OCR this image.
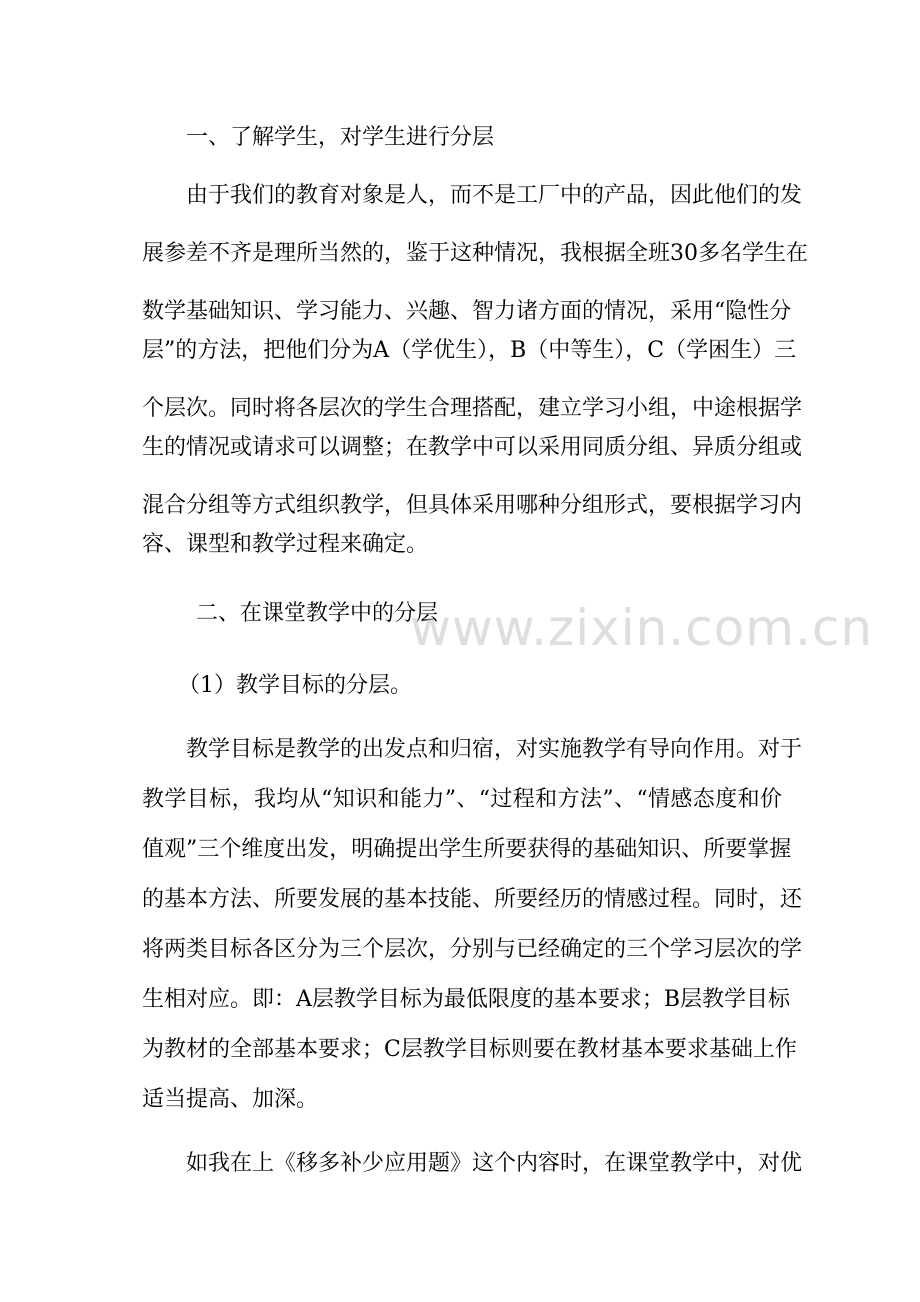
一、了解学生，对学生进行分层
由于我们的教育对象是人，而不是工厂中的产品，因此他们的发
展参差不齐是理所当然的，鉴于这种情况，我根据全班30多名学生在
数学基础知识、学习能力、兴趣、智力诸方面的情况，采用“隐性分
层”的方法，把他们分为A（学优生），B（中等生），C（学困生）三
个层次。同时将各层次的学生合理搭配，建立学习小组，中途根据学
生的情况或请求可以调整；在教学中可以采用同质分组、异质分组或
混合分组等方式组织教学，但具体采用哪种分组形式，要根据学习内
容、课型和教学过程来确定。
二、在课堂教学中的分层
（1）教学目标的分层。
教学目标是教学的出发点和归宿，对实施教学有导向作用。对于
教学目标，我均从“知识和能力”、“过程和方法”、“情感态度和价
值观”三个维度出发，明确提出学生所要获得的基础知识、所要掌握
的基本方法、所要发展的基本技能、所要经历的情感过程。同时，还
将两类目标各区分为三个层次，分别与已经确定的三个学习层次的学
生相对应。即：A层教学目标为最低限度的基本要求；B层教学目标
为教材的全部基本要求；C层教学目标则要在教材基本要求基础上作
适当提高、加深。
如我在上《移多补少应用题》这个内容时，在课堂教学中，对优
www.zixin.com.cn
